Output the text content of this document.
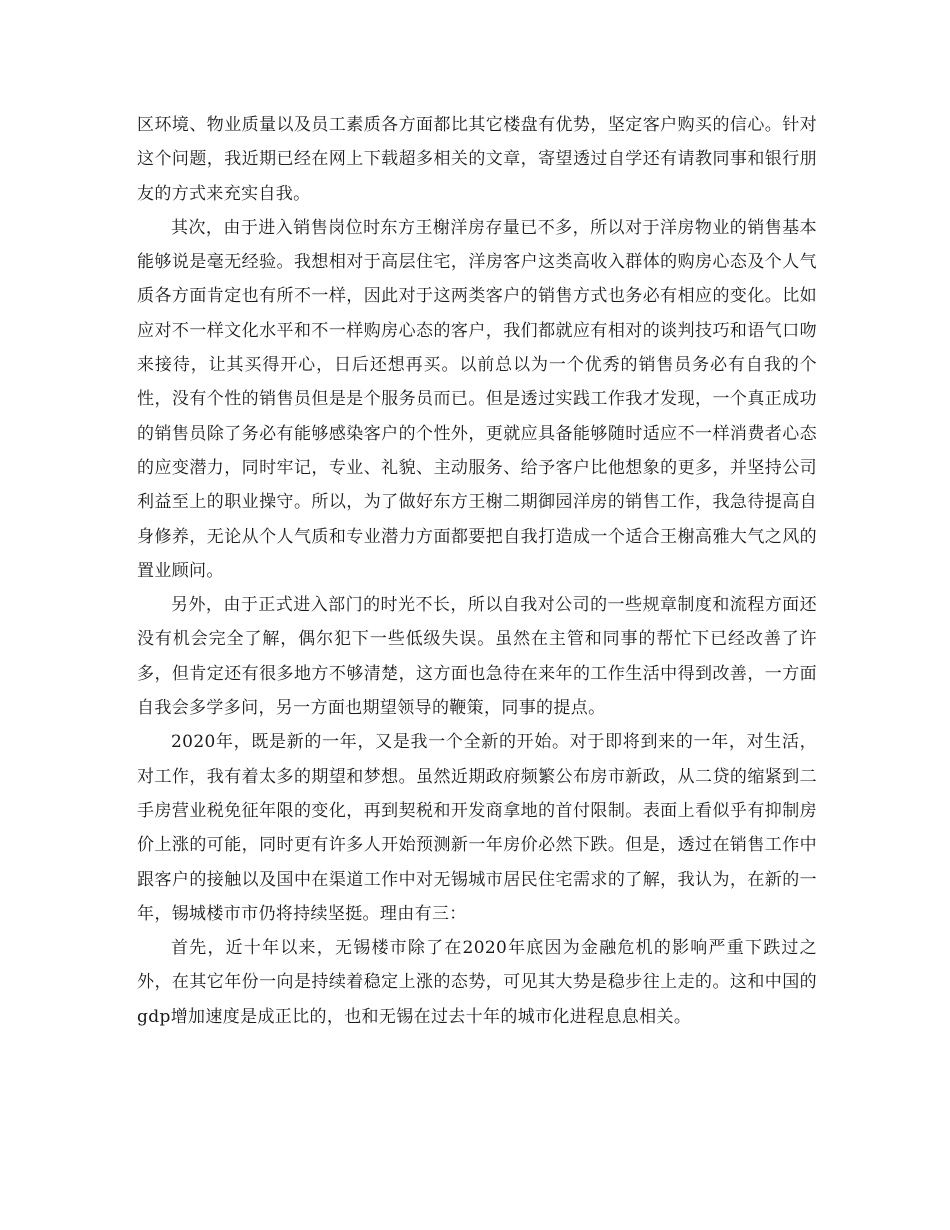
区环境、物业质量以及员工素质各方面都比其它楼盘有优势，坚定客户购买的信心。针对这个问题，我近期已经在网上下载超多相关的文章，寄望透过自学还有请教同事和银行朋友的方式来充实自我。

其次，由于进入销售岗位时东方王榭洋房存量已不多，所以对于洋房物业的销售基本能够说是毫无经验。我想相对于高层住宅，洋房客户这类高收入群体的购房心态及个人气质各方面肯定也有所不一样，因此对于这两类客户的销售方式也务必有相应的变化。比如应对不一样文化水平和不一样购房心态的客户，我们都就应有相对的谈判技巧和语气口吻来接待，让其买得开心，日后还想再买。以前总以为一个优秀的销售员务必有自我的个性，没有个性的销售员但是是个服务员而已。但是透过实践工作我才发现，一个真正成功的销售员除了务必有能够感染客户的个性外，更就应具备能够随时适应不一样消费者心态的应变潜力，同时牢记，专业、礼貌、主动服务、给予客户比他想象的更多，并坚持公司利益至上的职业操守。所以，为了做好东方王榭二期御园洋房的销售工作，我急待提高自身修养，无论从个人气质和专业潜力方面都要把自我打造成一个适合王榭高雅大气之风的置业顾问。

另外，由于正式进入部门的时光不长，所以自我对公司的一些规章制度和流程方面还没有机会完全了解，偶尔犯下一些低级失误。虽然在主管和同事的帮忙下已经改善了许多，但肯定还有很多地方不够清楚，这方面也急待在来年的工作生活中得到改善，一方面自我会多学多问，另一方面也期望领导的鞭策，同事的提点。

2020年，既是新的一年，又是我一个全新的开始。对于即将到来的一年，对生活，对工作，我有着太多的期望和梦想。虽然近期政府频繁公布房市新政，从二贷的缩紧到二手房营业税免征年限的变化，再到契税和开发商拿地的首付限制。表面上看似乎有抑制房价上涨的可能，同时更有许多人开始预测新一年房价必然下跌。但是，透过在销售工作中跟客户的接触以及国中在渠道工作中对无锡城市居民住宅需求的了解，我认为，在新的一年，锡城楼市市仍将持续坚挺。理由有三：

首先，近十年以来，无锡楼市除了在2020年底因为金融危机的影响严重下跌过之外，在其它年份一向是持续着稳定上涨的态势，可见其大势是稳步往上走的。这和中国的gdp增加速度是成正比的，也和无锡在过去十年的城市化进程息息相关。
